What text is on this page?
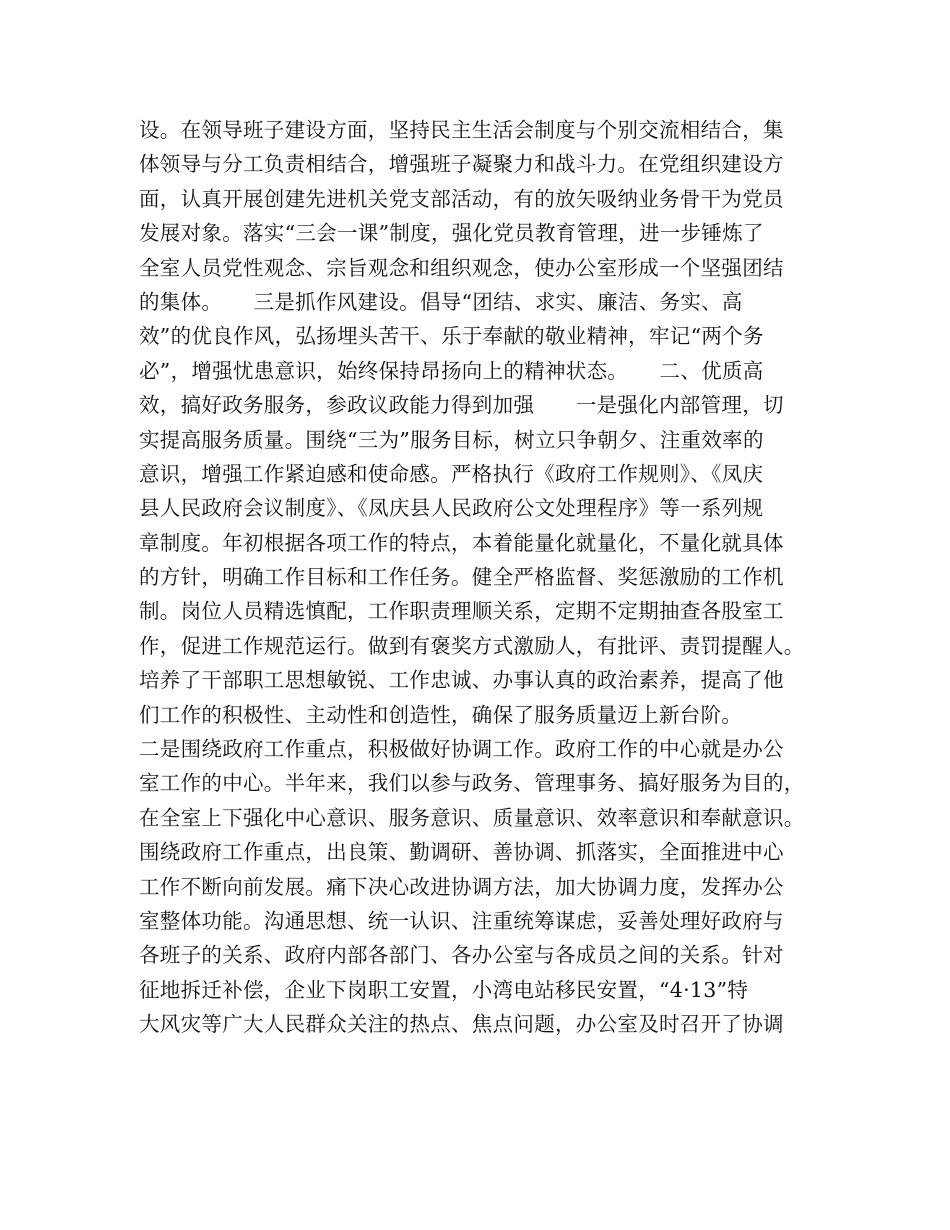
设。在领导班子建设方面，坚持民主生活会制度与个别交流相结合，集
体领导与分工负责相结合，增强班子凝聚力和战斗力。在党组织建设方
面，认真开展创建先进机关党支部活动，有的放矢吸纳业务骨干为党员
发展对象。落实“三会一课”制度，强化党员教育管理，进一步锤炼了
全室人员党性观念、宗旨观念和组织观念，使办公室形成一个坚强团结
的集体。　　三是抓作风建设。倡导“团结、求实、廉洁、务实、高
效”的优良作风，弘扬埋头苦干、乐于奉献的敬业精神，牢记“两个务
必”，增强忧患意识，始终保持昂扬向上的精神状态。　　二、优质高
效，搞好政务服务，参政议政能力得到加强　　一是强化内部管理，切
实提高服务质量。围绕“三为”服务目标，树立只争朝夕、注重效率的
意识，增强工作紧迫感和使命感。严格执行《政府工作规则》、《凤庆
县人民政府会议制度》、《凤庆县人民政府公文处理程序》等一系列规
章制度。年初根据各项工作的特点，本着能量化就量化，不量化就具体
的方针，明确工作目标和工作任务。健全严格监督、奖惩激励的工作机
制。岗位人员精选慎配，工作职责理顺关系，定期不定期抽查各股室工
作，促进工作规范运行。做到有褒奖方式激励人，有批评、责罚提醒人。
培养了干部职工思想敏锐、工作忠诚、办事认真的政治素养，提高了他
们工作的积极性、主动性和创造性，确保了服务质量迈上新台阶。
二是围绕政府工作重点，积极做好协调工作。政府工作的中心就是办公
室工作的中心。半年来，我们以参与政务、管理事务、搞好服务为目的，
在全室上下强化中心意识、服务意识、质量意识、效率意识和奉献意识。
围绕政府工作重点，出良策、勤调研、善协调、抓落实，全面推进中心
工作不断向前发展。痛下决心改进协调方法，加大协调力度，发挥办公
室整体功能。沟通思想、统一认识、注重统筹谋虑，妥善处理好政府与
各班子的关系、政府内部各部门、各办公室与各成员之间的关系。针对
征地拆迁补偿，企业下岗职工安置，小湾电站移民安置，“4·13”特
大风灾等广大人民群众关注的热点、焦点问题，办公室及时召开了协调
